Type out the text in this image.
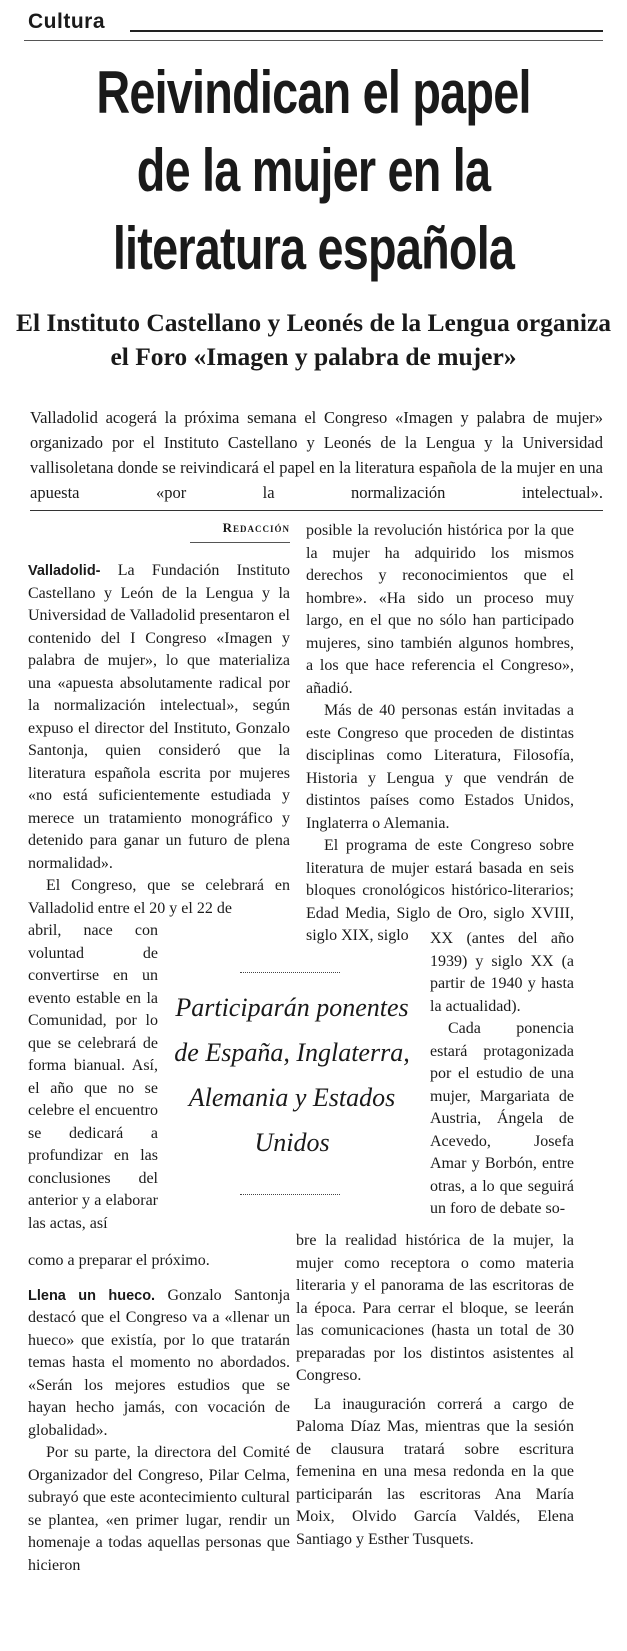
Cultura
Reivindican el papel de la mujer en la literatura española
El Instituto Castellano y Leonés de la Lengua organiza el Foro «Imagen y palabra de mujer»

Valladolid acogerá la próxima semana el Congreso «Imagen y palabra de mujer» organizado por el Instituto Castellano y Leonés de la Lengua y la Universidad vallisoletana donde se reivindicará el papel en la literatura española de la mujer en una apuesta «por la normalización intelectual».

Redacción

Valladolid- La Fundación Instituto Castellano y León de la Lengua y la Universidad de Valladolid presentaron el contenido del I Congreso «Imagen y palabra de mujer», lo que materializa una «apuesta absolutamente radical por la normalización intelectual», según expuso el director del Instituto, Gonzalo Santonja, quien consideró que la literatura española escrita por mujeres «no está suficientemente estudiada y merece un tratamiento monográfico y detenido para ganar un futuro de plena normalidad».

El Congreso, que se celebrará en Valladolid entre el 20 y el 22 de

abril, nace con voluntad de convertirse en un evento estable en la Comunidad, por lo que se celebrará de forma bianual. Así, el año que no se celebre el encuentro se dedicará a profundizar en las conclusiones del anterior y a elaborar las actas, así

como a preparar el próximo.

Llena un hueco. Gonzalo Santonja destacó que el Congreso va a «llenar un hueco» que existía, por lo que tratarán temas hasta el momento no abordados. «Serán los mejores estudios que se hayan hecho jamás, con vocación de globalidad».

Por su parte, la directora del Comité Organizador del Congreso, Pilar Celma, subrayó que este acontecimiento cultural se plantea, «en primer lugar, rendir un homenaje a todas aquellas personas que hicieron

posible la revolución histórica por la que la mujer ha adquirido los mismos derechos y reconocimientos que el hombre». «Ha sido un proceso muy largo, en el que no sólo han participado mujeres, sino también algunos hombres, a los que hace referencia el Congreso», añadió.

Más de 40 personas están invitadas a este Congreso que proceden de distintas disciplinas como Literatura, Filosofía, Historia y Lengua y que vendrán de distintos países como Estados Unidos, Inglaterra o Alemania.

El programa de este Congreso sobre literatura de mujer estará basada en seis bloques cronológicos histórico-literarios; Edad Media, Siglo de Oro, siglo XVIII, siglo XIX, siglo	XX (antes del año 1939) y siglo XX (a partir de 1940 y hasta la actualidad).

Cada ponencia estará protagonizada por el estudio de una mujer, Margariata de Austria, Ángela de Acevedo, Josefa Amar y Borbón, entre otras, a lo que seguirá un foro de debate so-

bre la realidad histórica de la mujer, la mujer como receptora o como materia literaria y el panorama de las escritoras de la época. Para cerrar el bloque, se leerán las comunicaciones (hasta un total de 30 preparadas por los distintos asistentes al Congreso.

La inauguración correrá a cargo de Paloma Díaz Mas, mientras que la sesión de clausura tratará sobre escritura femenina en una mesa redonda en la que participarán las escritoras Ana María Moix, Olvido García Valdés, Elena Santiago y Esther Tusquets.

Participarán ponentes de España, Inglaterra, Alemania y Estados Unidos
